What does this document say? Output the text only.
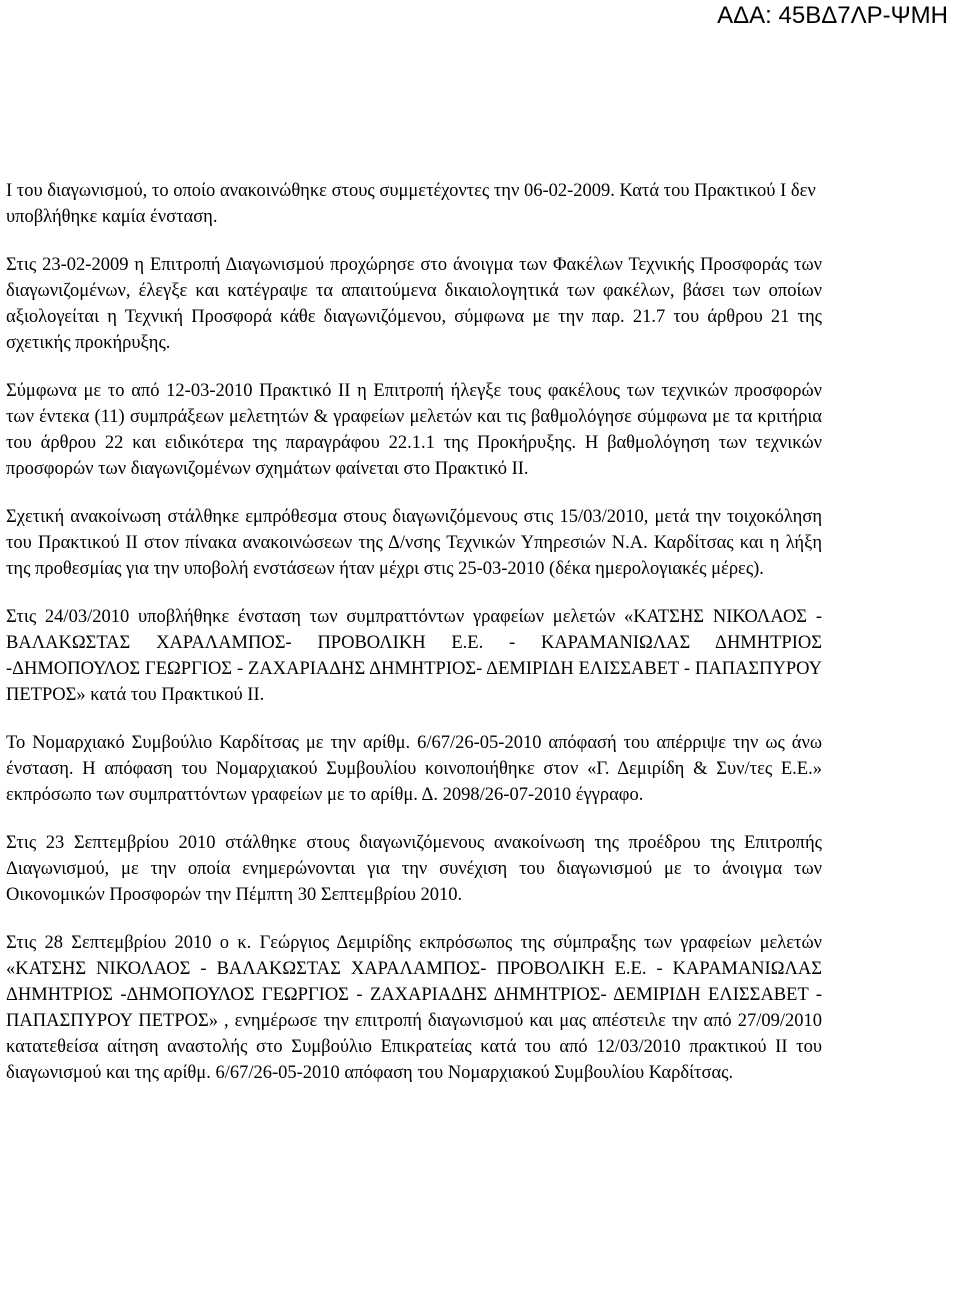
ΑΔΑ: 45ΒΔ7ΛΡ-ΨΜΗ

Ι του διαγωνισμού, το οποίο ανακοινώθηκε στους συμμετέχοντες την 06-02-2009. Κατά του Πρακτικού Ι δεν υποβλήθηκε καμία ένσταση.

Στις 23-02-2009 η Επιτροπή Διαγωνισμού προχώρησε στο άνοιγμα των Φακέλων Τεχνικής Προσφοράς των διαγωνιζομένων, έλεγξε και κατέγραψε τα απαιτούμενα δικαιολογητικά των φακέλων, βάσει των οποίων αξιολογείται η Τεχνική Προσφορά κάθε διαγωνιζόμενου, σύμφωνα με την παρ. 21.7 του άρθρου 21 της σχετικής προκήρυξης.

Σύμφωνα με το από 12-03-2010 Πρακτικό ΙΙ η Επιτροπή ήλεγξε τους φακέλους των τεχνικών προσφορών των έντεκα (11) συμπράξεων μελετητών & γραφείων μελετών και τις βαθμολόγησε σύμφωνα με τα κριτήρια του άρθρου 22 και ειδικότερα της παραγράφου 22.1.1 της Προκήρυξης. Η βαθμολόγηση των τεχνικών προσφορών των διαγωνιζομένων σχημάτων φαίνεται στο Πρακτικό ΙΙ.

Σχετική ανακοίνωση στάλθηκε εμπρόθεσμα στους διαγωνιζόμενους στις 15/03/2010, μετά την τοιχοκόληση του Πρακτικού ΙΙ στον πίνακα ανακοινώσεων της Δ/νσης Τεχνικών Υπηρεσιών Ν.Α. Καρδίτσας και η λήξη της προθεσμίας για την υποβολή ενστάσεων ήταν μέχρι στις 25-03-2010 (δέκα ημερολογιακές μέρες).

Στις 24/03/2010 υποβλήθηκε ένσταση των συμπραττόντων γραφείων μελετών «ΚΑΤΣΗΣ ΝΙΚΟΛΑΟΣ - ΒΑΛΑΚΩΣΤΑΣ ΧΑΡΑΛΑΜΠΟΣ- ΠΡΟΒΟΛΙΚΗ Ε.Ε. - ΚΑΡΑΜΑΝΙΩΛΑΣ ΔΗΜΗΤΡΙΟΣ -ΔΗΜΟΠΟΥΛΟΣ ΓΕΩΡΓΙΟΣ - ΖΑΧΑΡΙΑΔΗΣ ΔΗΜΗΤΡΙΟΣ- ΔΕΜΙΡΙΔΗ ΕΛΙΣΣΑΒΕΤ - ΠΑΠΑΣΠΥΡΟΥ ΠΕΤΡΟΣ» κατά του Πρακτικού ΙΙ.

Το Νομαρχιακό Συμβούλιο Καρδίτσας με την αρίθμ. 6/67/26-05-2010 απόφασή του απέρριψε την ως άνω ένσταση. Η απόφαση του Νομαρχιακού Συμβουλίου κοινοποιήθηκε στον «Γ. Δεμιρίδη & Συν/τες Ε.Ε.» εκπρόσωπο των συμπραττόντων γραφείων με το αρίθμ. Δ. 2098/26-07-2010 έγγραφο.

Στις 23 Σεπτεμβρίου 2010 στάλθηκε στους διαγωνιζόμενους ανακοίνωση της προέδρου της Επιτροπής Διαγωνισμού, με την οποία ενημερώνονται για την συνέχιση του διαγωνισμού με το άνοιγμα των Οικονομικών Προσφορών την Πέμπτη 30 Σεπτεμβρίου 2010.

Στις 28 Σεπτεμβρίου 2010 ο κ. Γεώργιος Δεμιρίδης εκπρόσωπος της σύμπραξης των γραφείων μελετών «ΚΑΤΣΗΣ ΝΙΚΟΛΑΟΣ - ΒΑΛΑΚΩΣΤΑΣ ΧΑΡΑΛΑΜΠΟΣ- ΠΡΟΒΟΛΙΚΗ Ε.Ε. - ΚΑΡΑΜΑΝΙΩΛΑΣ ΔΗΜΗΤΡΙΟΣ -ΔΗΜΟΠΟΥΛΟΣ ΓΕΩΡΓΙΟΣ - ΖΑΧΑΡΙΑΔΗΣ ΔΗΜΗΤΡΙΟΣ- ΔΕΜΙΡΙΔΗ ΕΛΙΣΣΑΒΕΤ - ΠΑΠΑΣΠΥΡΟΥ ΠΕΤΡΟΣ» , ενημέρωσε την επιτροπή διαγωνισμού και μας απέστειλε την από 27/09/2010 κατατεθείσα αίτηση αναστολής στο Συμβούλιο Επικρατείας κατά του από 12/03/2010 πρακτικού ΙΙ του διαγωνισμού και της αρίθμ. 6/67/26-05-2010 απόφαση του Νομαρχιακού Συμβουλίου Καρδίτσας.
